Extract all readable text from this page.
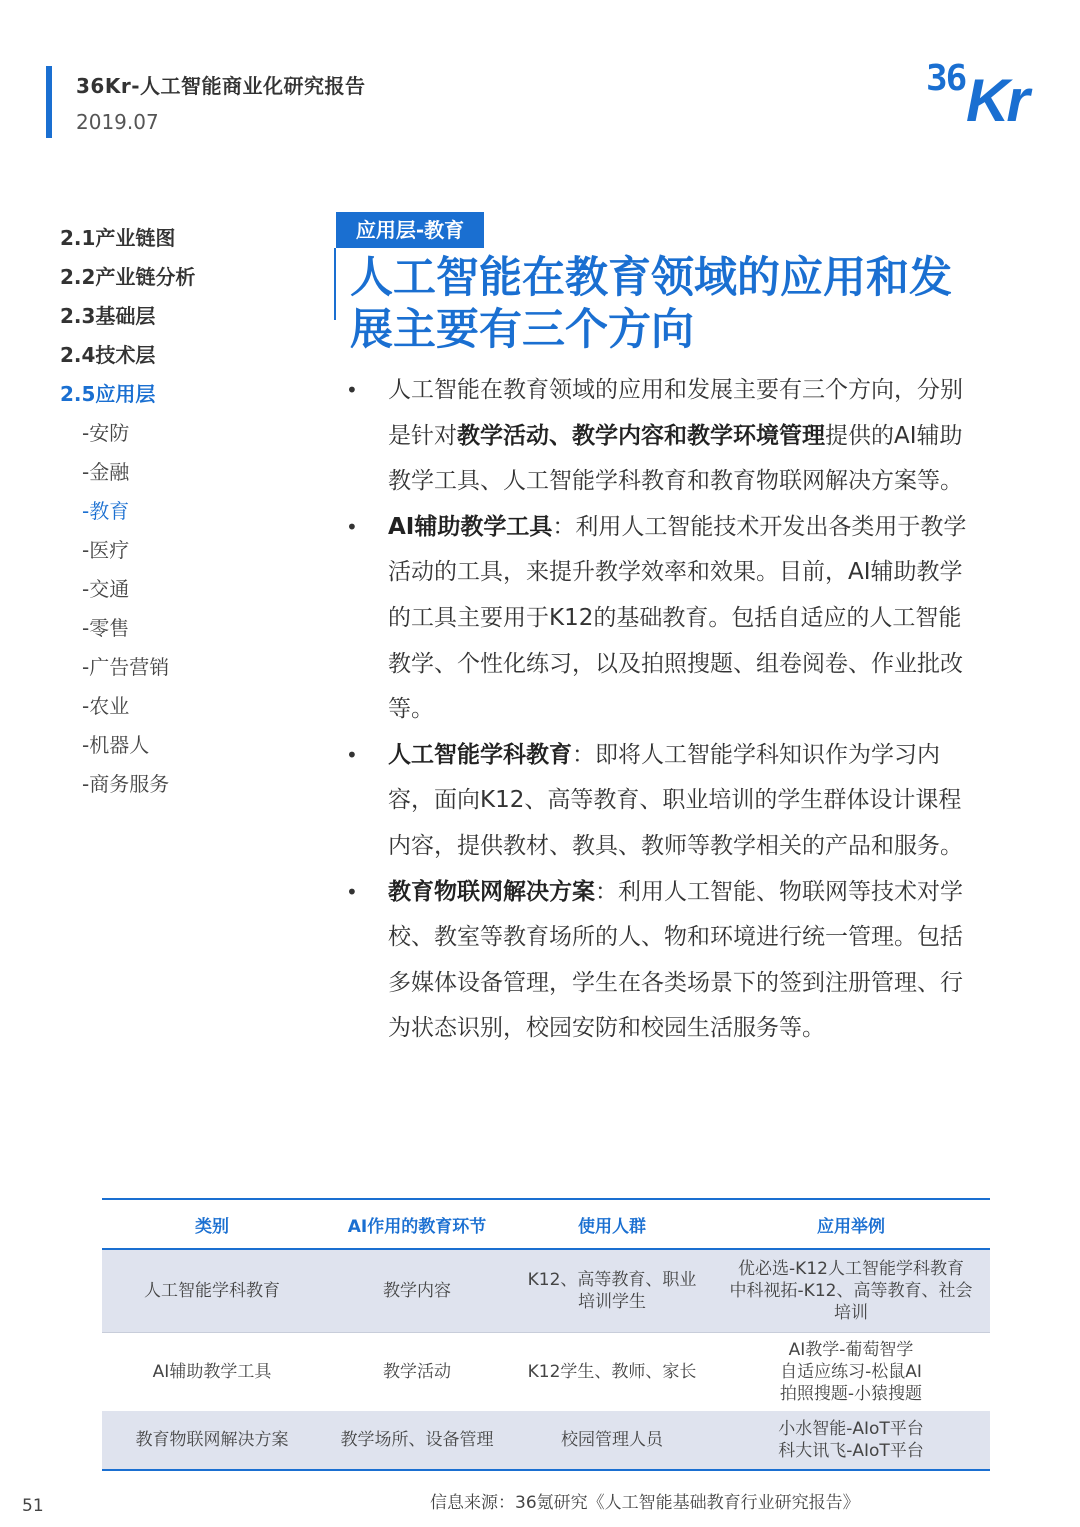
36Kr-人工智能商业化研究报告
2019.07
36 Kr
2.1产业链图
2.2产业链分析
2.3基础层
2.4技术层
2.5应用层
-安防
-金融
-教育
-医疗
-交通
-零售
-广告营销
-农业
-机器人
-商务服务
应用层-教育
人工智能在教育领域的应用和发展主要有三个方向
• 人工智能在教育领域的应用和发展主要有三个方向，分别是针对教学活动、教学内容和教学环境管理提供的AI辅助教学工具、人工智能学科教育和教育物联网解决方案等。
• AI辅助教学工具：利用人工智能技术开发出各类用于教学活动的工具，来提升教学效率和效果。目前，AI辅助教学的工具主要用于K12的基础教育。包括自适应的人工智能教学、个性化练习，以及拍照搜题、组卷阅卷、作业批改等。
• 人工智能学科教育：即将人工智能学科知识作为学习内容，面向K12、高等教育、职业培训的学生群体设计课程内容，提供教材、教具、教师等教学相关的产品和服务。
• 教育物联网解决方案：利用人工智能、物联网等技术对学校、教室等教育场所的人、物和环境进行统一管理。包括多媒体设备管理，学生在各类场景下的签到注册管理、行为状态识别，校园安防和校园生活服务等。
类别	AI作用的教育环节	使用人群	应用举例
人工智能学科教育	教学内容	K12、高等教育、职业培训学生	优必选-K12人工智能学科教育
中科视拓-K12、高等教育、社会培训

AI辅助教学工具	教学活动	K12学生、教师、家长	AI教学-葡萄智学
自适应练习-松鼠AI
拍照搜题-小猿搜题

教育物联网解决方案	教学场所、设备管理	校园管理人员	小水智能-AIoT平台
科大讯飞-AIoT平台
信息来源：36氪研究《人工智能基础教育行业研究报告》
51
